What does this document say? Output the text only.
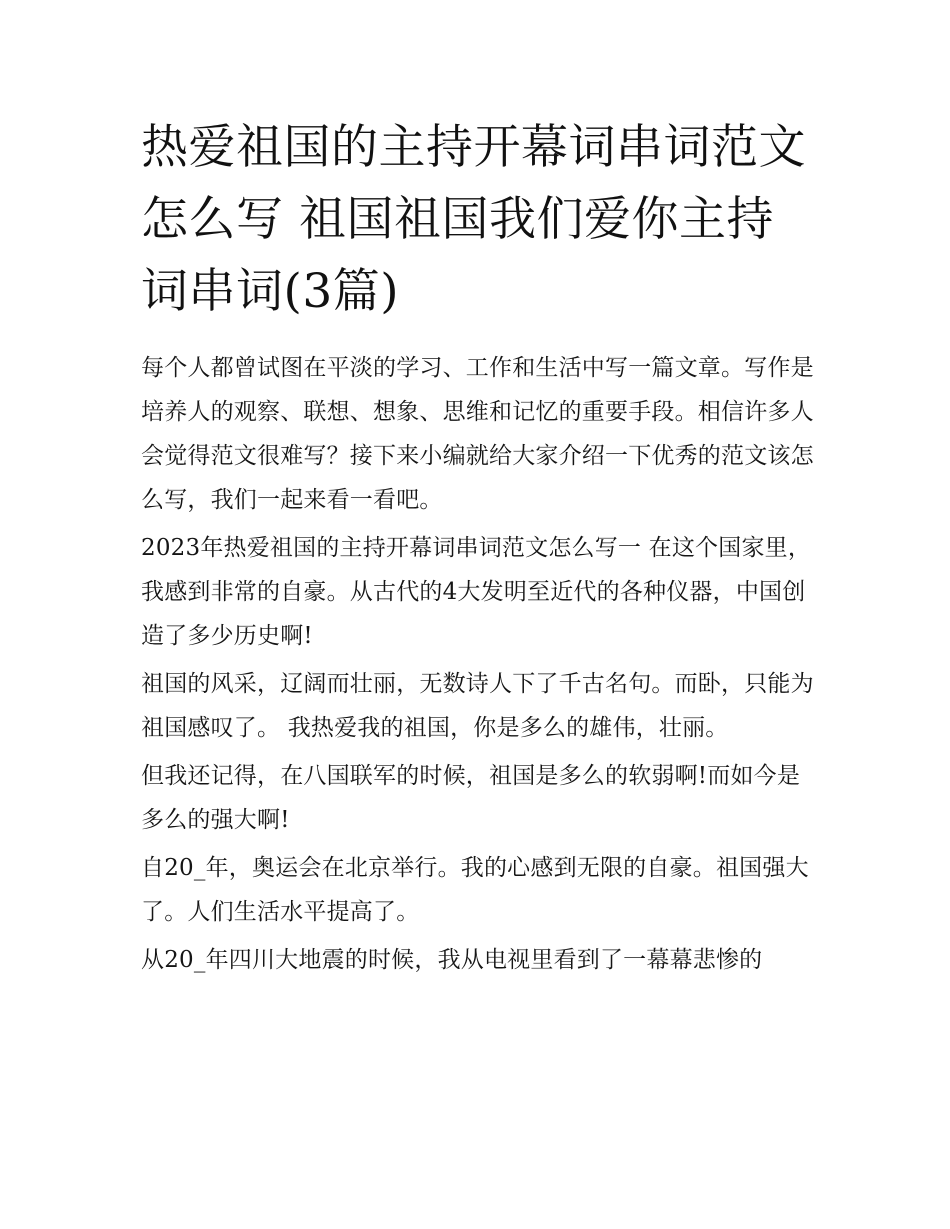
热爱祖国的主持开幕词串词范文怎么写 祖国祖国我们爱你主持词串词(3篇)

每个人都曾试图在平淡的学习、工作和生活中写一篇文章。写作是培养人的观察、联想、想象、思维和记忆的重要手段。相信许多人会觉得范文很难写？接下来小编就给大家介绍一下优秀的范文该怎么写，我们一起来看一看吧。

2023年热爱祖国的主持开幕词串词范文怎么写一 在这个国家里，我感到非常的自豪。从古代的4大发明至近代的各种仪器，中国创造了多少历史啊!

祖国的风采，辽阔而壮丽，无数诗人下了千古名句。而卧，只能为祖国感叹了。 我热爱我的祖国，你是多么的雄伟，壮丽。

但我还记得，在八国联军的时候，祖国是多么的软弱啊!而如今是多么的强大啊!

自20_年，奥运会在北京举行。我的心感到无限的自豪。祖国强大了。人们生活水平提高了。

从20_年四川大地震的时候，我从电视里看到了一幕幕悲惨的
